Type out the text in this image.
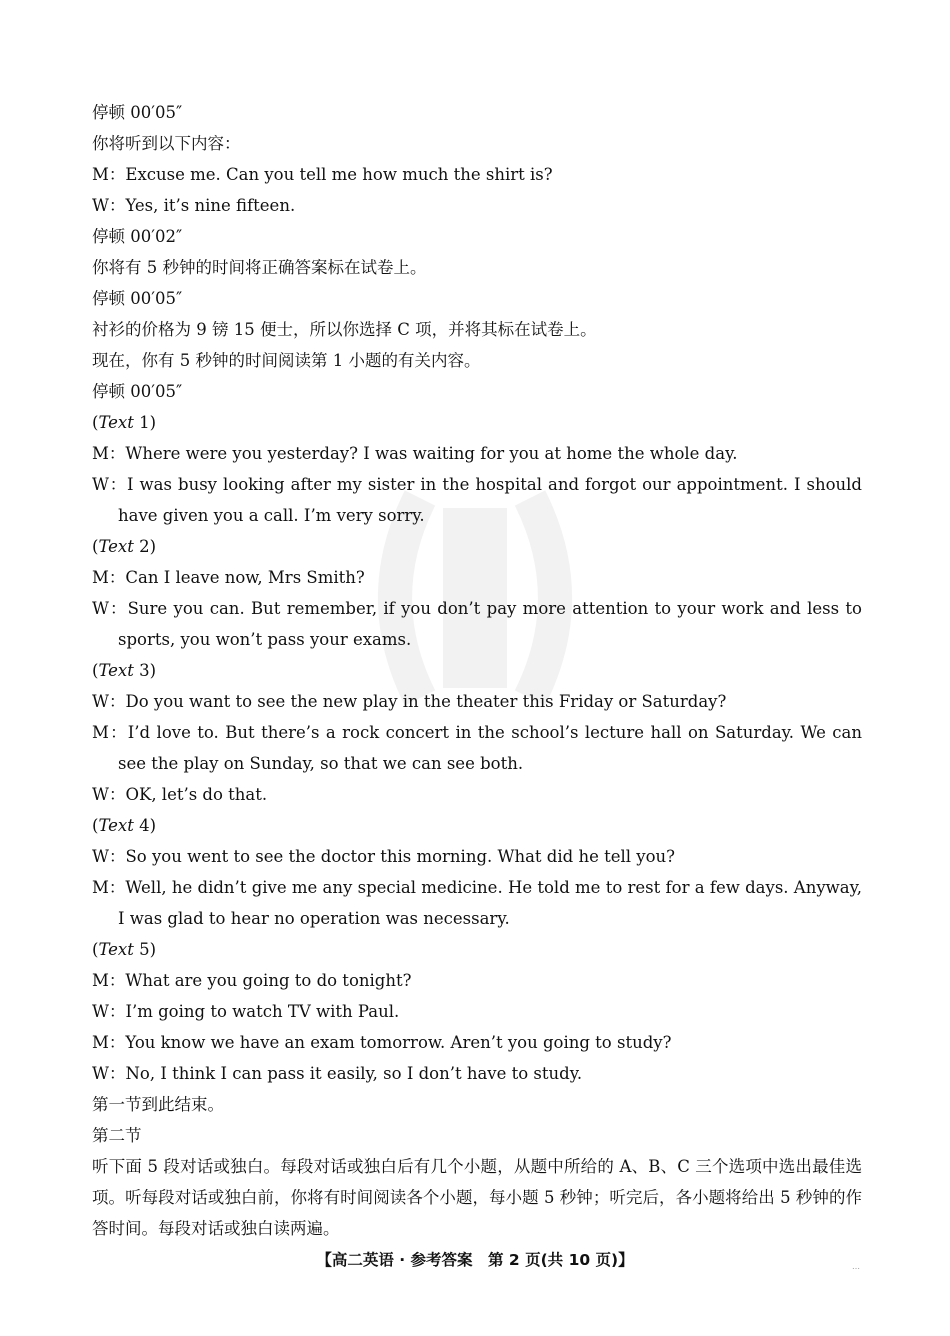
停顿 00′05″
你将听到以下内容：
M：Excuse me. Can you tell me how much the shirt is?
W：Yes, it’s nine fifteen.
停顿 00′02″
你将有 5 秒钟的时间将正确答案标在试卷上。
停顿 00′05″
衬衫的价格为 9 镑 15 便士，所以你选择 C 项，并将其标在试卷上。
现在，你有 5 秒钟的时间阅读第 1 小题的有关内容。
停顿 00′05″
(Text 1)
M：Where were you yesterday? I was waiting for you at home the whole day.
W：I was busy looking after my sister in the hospital and forgot our appointment. I should have given you a call. I’m very sorry.
(Text 2)
M：Can I leave now, Mrs Smith?
W：Sure you can. But remember, if you don’t pay more attention to your work and less to sports, you won’t pass your exams.
(Text 3)
W：Do you want to see the new play in the theater this Friday or Saturday?
M：I’d love to. But there’s a rock concert in the school’s lecture hall on Saturday. We can see the play on Sunday, so that we can see both.
W：OK, let’s do that.
(Text 4)
W：So you went to see the doctor this morning. What did he tell you?
M：Well, he didn’t give me any special medicine. He told me to rest for a few days. Anyway, I was glad to hear no operation was necessary.
(Text 5)
M：What are you going to do tonight?
W：I’m going to watch TV with Paul.
M：You know we have an exam tomorrow. Aren’t you going to study?
W：No, I think I can pass it easily, so I don’t have to study.
第一节到此结束。
第二节
听下面 5 段对话或独白。每段对话或独白后有几个小题，从题中所给的 A、B、C 三个选项中选出最佳选项。听每段对话或独白前，你将有时间阅读各个小题，每小题 5 秒钟；听完后，各小题将给出 5 秒钟的作答时间。每段对话或独白读两遍。
【高二英语 · 参考答案　第 2 页(共 10 页)】	…
